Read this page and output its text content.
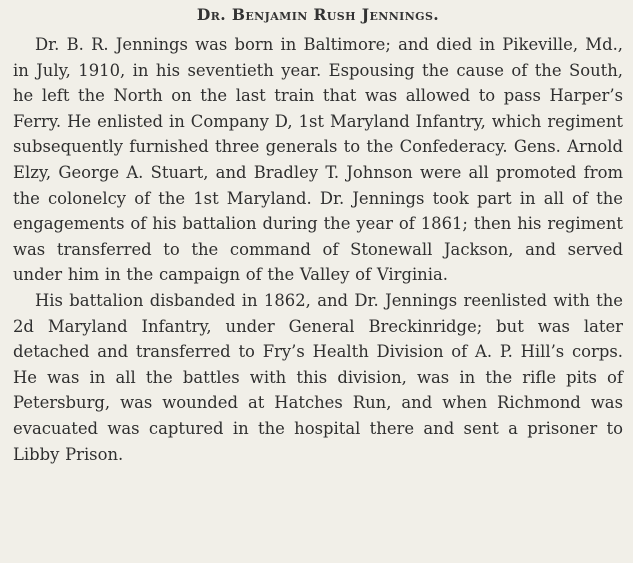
Dr. Benjamin Rush Jennings.

Dr. B. R. Jennings was born in Baltimore; and died in Pikeville, Md., in July, 1910, in his seventieth year. Espousing the cause of the South, he left the North on the last train that was allowed to pass Harper’s Ferry. He enlisted in Company D, 1st Maryland Infantry, which regiment subsequently furnished three generals to the Confederacy. Gens. Arnold Elzy, George A. Stuart, and Bradley T. Johnson were all promoted from the colonelcy of the 1st Maryland. Dr. Jennings took part in all of the engagements of his battalion during the year of 1861; then his regiment was transferred to the command of Stonewall Jackson, and served under him in the campaign of the Valley of Virginia.

His battalion disbanded in 1862, and Dr. Jennings reenlisted with the 2d Maryland Infantry, under General Breckinridge; but was later detached and transferred to Fry’s Health Division of A. P. Hill’s corps. He was in all the battles with this division, was in the rifle pits of Petersburg, was wounded at Hatches Run, and when Richmond was evacuated was captured in the hospital there and sent a prisoner to Libby Prison.
